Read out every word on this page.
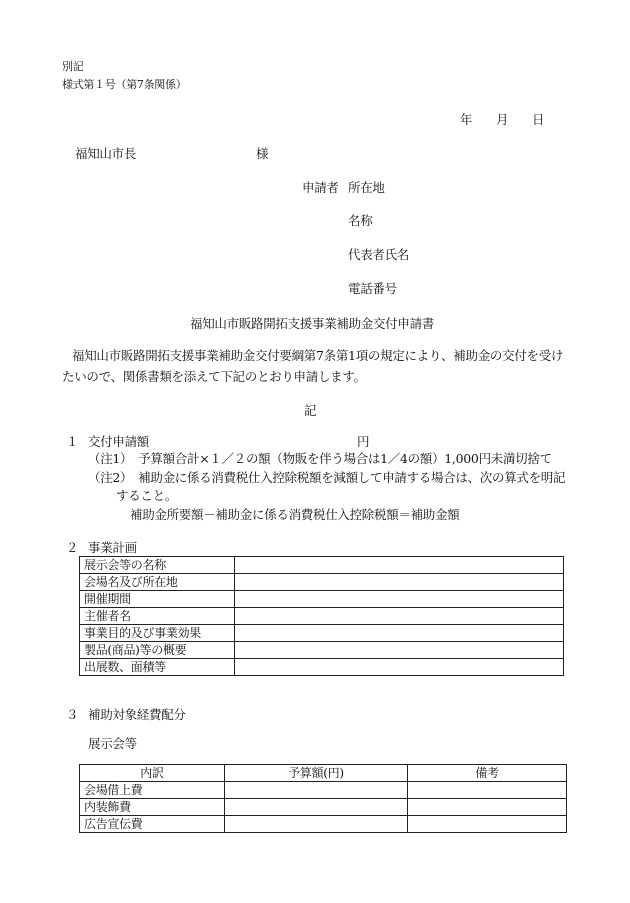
別記
様式第１号（第7条関係）
年 月 日
福知山市長	様
申請者 所在地
名称
代表者氏名
電話番号
福知山市販路開拓支援事業補助金交付申請書
福知山市販路開拓支援事業補助金交付要綱第7条第1項の規定により、補助金の交付を受け
たいので、関係書類を添えて下記のとおり申請します。
記
１ 交付申請額	円
（注1）　予算額合計×１／２の額（物販を伴う場合は1／4の額）1,000円未満切捨て
（注2）　補助金に係る消費税仕入控除税額を減額して申請する場合は、次の算式を明記
すること。
補助金所要額－補助金に係る消費税仕入控除税額＝補助金額
２ 事業計画
展示会等の名称	
会場名及び所在地	
開催期間	
主催者名	
事業目的及び事業効果	
製品(商品)等の概要	
出展数、面積等	
３ 補助対象経費配分
展示会等
内訳	予算額(円)	備考
会場借上費		
内装飾費		
広告宣伝費		
